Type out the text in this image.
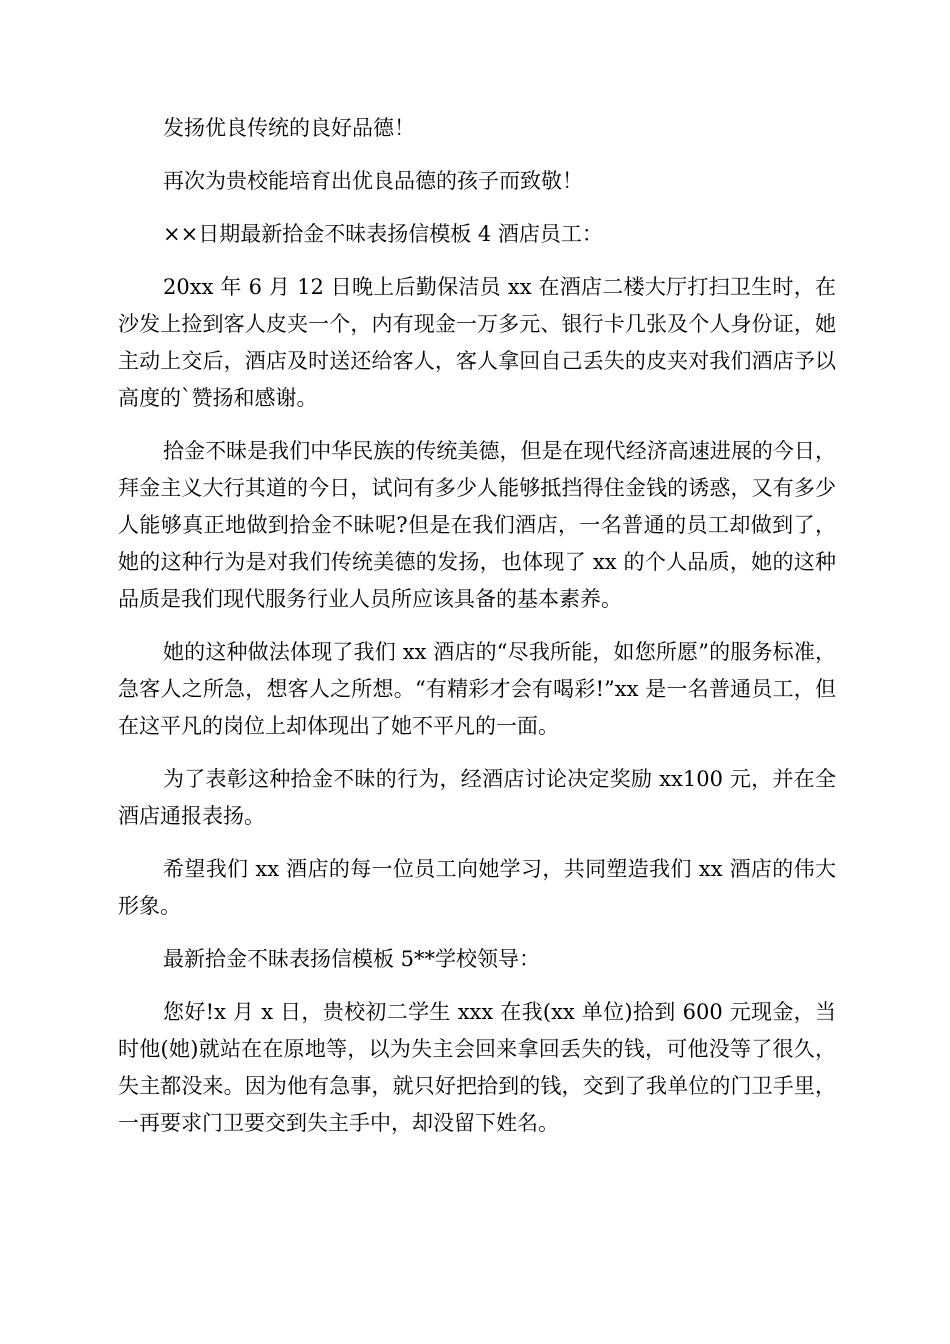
发扬优良传统的良好品德！

再次为贵校能培育出优良品德的孩子而致敬！

××日期最新拾金不昧表扬信模板 4 酒店员工：

20xx 年 6 月 12 日晚上后勤保洁员 xx 在酒店二楼大厅打扫卫生时，在沙发上捡到客人皮夹一个，内有现金一万多元、银行卡几张及个人身份证，她主动上交后，酒店及时送还给客人，客人拿回自己丢失的皮夹对我们酒店予以高度的`赞扬和感谢。

拾金不昧是我们中华民族的传统美德，但是在现代经济高速进展的今日，拜金主义大行其道的今日，试问有多少人能够抵挡得住金钱的诱惑，又有多少人能够真正地做到拾金不昧呢?但是在我们酒店，一名普通的员工却做到了，她的这种行为是对我们传统美德的发扬，也体现了 xx 的个人品质，她的这种品质是我们现代服务行业人员所应该具备的基本素养。

她的这种做法体现了我们 xx 酒店的“尽我所能，如您所愿”的服务标准，急客人之所急，想客人之所想。“有精彩才会有喝彩!”xx 是一名普通员工，但在这平凡的岗位上却体现出了她不平凡的一面。

为了表彰这种拾金不昧的行为，经酒店讨论决定奖励 xx100 元，并在全酒店通报表扬。

希望我们 xx 酒店的每一位员工向她学习，共同塑造我们 xx 酒店的伟大形象。

最新拾金不昧表扬信模板 5**学校领导：

您好!x 月 x 日，贵校初二学生 xxx 在我(xx 单位)拾到 600 元现金，当时他(她)就站在在原地等，以为失主会回来拿回丢失的钱，可他没等了很久，失主都没来。因为他有急事，就只好把拾到的钱，交到了我单位的门卫手里，一再要求门卫要交到失主手中，却没留下姓名。
